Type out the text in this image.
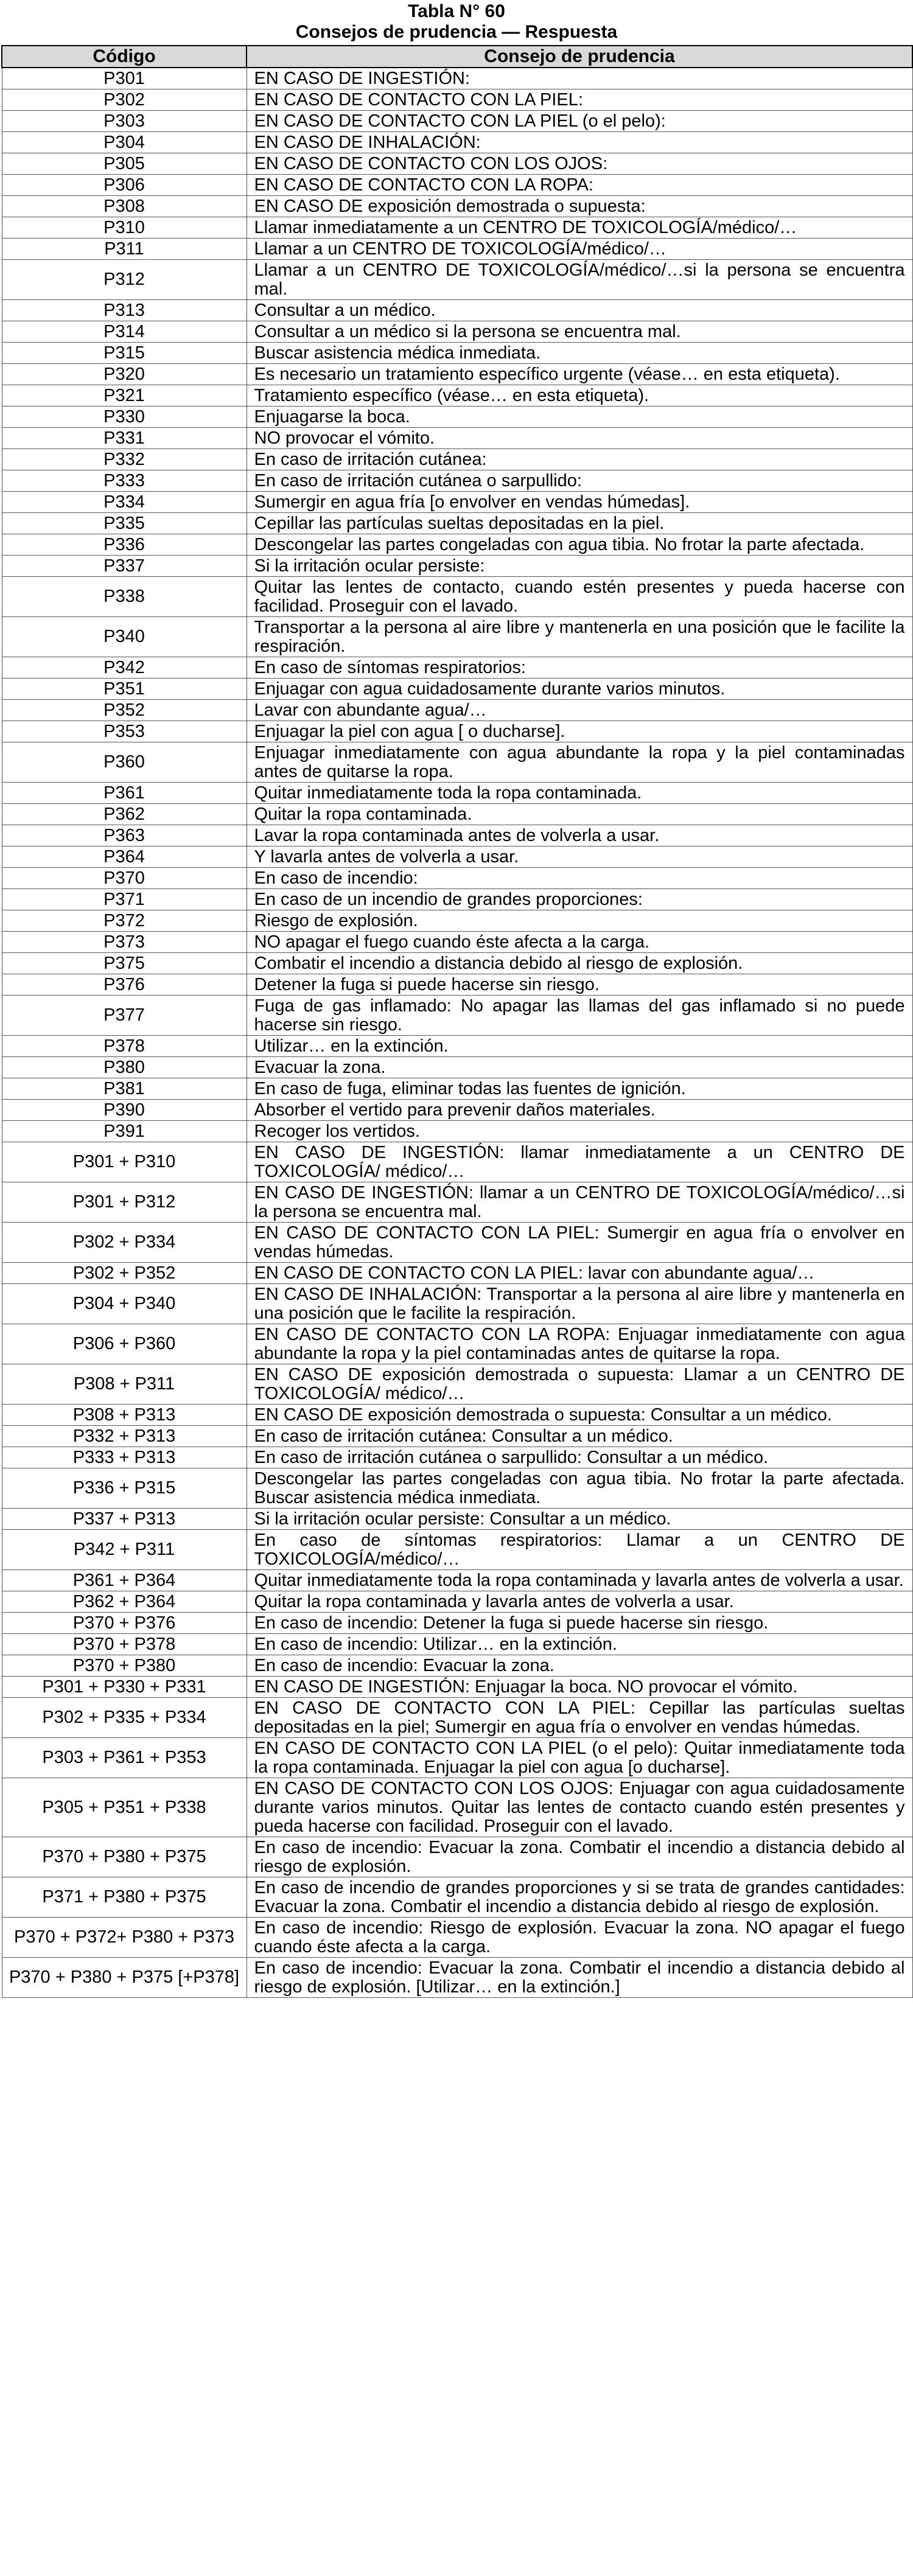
Tabla N° 60
Consejos de prudencia — Respuesta
Código	Consejo de prudencia
P301	EN CASO DE INGESTIÓN:
P302	EN CASO DE CONTACTO CON LA PIEL:
P303	EN CASO DE CONTACTO CON LA PIEL (o el pelo):
P304	EN CASO DE INHALACIÓN:
P305	EN CASO DE CONTACTO CON LOS OJOS:
P306	EN CASO DE CONTACTO CON LA ROPA:
P308	EN CASO DE exposición demostrada o supuesta:
P310	Llamar inmediatamente a un CENTRO DE TOXICOLOGÍA/médico/…
P311	Llamar a un CENTRO DE TOXICOLOGÍA/médico/…
P312	Llamar a un CENTRO DE TOXICOLOGÍA/médico/…si la persona se encuentra mal.
P313	Consultar a un médico.
P314	Consultar a un médico si la persona se encuentra mal.
P315	Buscar asistencia médica inmediata.
P320	Es necesario un tratamiento específico urgente (véase… en esta etiqueta).
P321	Tratamiento específico (véase… en esta etiqueta).
P330	Enjuagarse la boca.
P331	NO provocar el vómito.
P332	En caso de irritación cutánea:
P333	En caso de irritación cutánea o sarpullido:
P334	Sumergir en agua fría [o envolver en vendas húmedas].
P335	Cepillar las partículas sueltas depositadas en la piel.
P336	Descongelar las partes congeladas con agua tibia. No frotar la parte afectada.
P337	Si la irritación ocular persiste:
P338	Quitar las lentes de contacto, cuando estén presentes y pueda hacerse con facilidad. Proseguir con el lavado.
P340	Transportar a la persona al aire libre y mantenerla en una posición que le facilite la respiración.
P342	En caso de síntomas respiratorios:
P351	Enjuagar con agua cuidadosamente durante varios minutos.
P352	Lavar con abundante agua/…
P353	Enjuagar la piel con agua [ o ducharse].
P360	Enjuagar inmediatamente con agua abundante la ropa y la piel contaminadas antes de quitarse la ropa.
P361	Quitar inmediatamente toda la ropa contaminada.
P362	Quitar la ropa contaminada.
P363	Lavar la ropa contaminada antes de volverla a usar.
P364	Y lavarla antes de volverla a usar.
P370	En caso de incendio:
P371	En caso de un incendio de grandes proporciones:
P372	Riesgo de explosión.
P373	NO apagar el fuego cuando éste afecta a la carga.
P375	Combatir el incendio a distancia debido al riesgo de explosión.
P376	Detener la fuga si puede hacerse sin riesgo.
P377	Fuga de gas inflamado: No apagar las llamas del gas inflamado si no puede hacerse sin riesgo.
P378	Utilizar… en la extinción.
P380	Evacuar la zona.
P381	En caso de fuga, eliminar todas las fuentes de ignición.
P390	Absorber el vertido para prevenir daños materiales.
P391	Recoger los vertidos.
P301 + P310	EN CASO DE INGESTIÓN: llamar inmediatamente a un CENTRO DE TOXICOLOGÍA/ médico/…
P301 + P312	EN CASO DE INGESTIÓN: llamar a un CENTRO DE TOXICOLOGÍA/médico/…si la persona se encuentra mal.
P302 + P334	EN CASO DE CONTACTO CON LA PIEL: Sumergir en agua fría o envolver en vendas húmedas.
P302 + P352	EN CASO DE CONTACTO CON LA PIEL: lavar con abundante agua/…
P304 + P340	EN CASO DE INHALACIÓN: Transportar a la persona al aire libre y mantenerla en una posición que le facilite la respiración.
P306 + P360	EN CASO DE CONTACTO CON LA ROPA: Enjuagar inmediatamente con agua abundante la ropa y la piel contaminadas antes de quitarse la ropa.
P308 + P311	EN CASO DE exposición demostrada o supuesta: Llamar a un CENTRO DE TOXICOLOGÍA/ médico/…
P308 + P313	EN CASO DE exposición demostrada o supuesta: Consultar a un médico.
P332 + P313	En caso de irritación cutánea: Consultar a un médico.
P333 + P313	En caso de irritación cutánea o sarpullido: Consultar a un médico.
P336 + P315	Descongelar las partes congeladas con agua tibia. No frotar la parte afectada. Buscar asistencia médica inmediata.
P337 + P313	Si la irritación ocular persiste: Consultar a un médico.
P342 + P311	En caso de síntomas respiratorios: Llamar a un CENTRO DE TOXICOLOGÍA/médico/…
P361 + P364	Quitar inmediatamente toda la ropa contaminada y lavarla antes de volverla a usar.
P362 + P364	Quitar la ropa contaminada y lavarla antes de volverla a usar.
P370 + P376	En caso de incendio: Detener la fuga si puede hacerse sin riesgo.
P370 + P378	En caso de incendio: Utilizar… en la extinción.
P370 + P380	En caso de incendio: Evacuar la zona.
P301 + P330 + P331	EN CASO DE INGESTIÓN: Enjuagar la boca. NO provocar el vómito.
P302 + P335 + P334	EN CASO DE CONTACTO CON LA PIEL: Cepillar las partículas sueltas depositadas en la piel; Sumergir en agua fría o envolver en vendas húmedas.
P303 + P361 + P353	EN CASO DE CONTACTO CON LA PIEL (o el pelo): Quitar inmediatamente toda la ropa contaminada. Enjuagar la piel con agua [o ducharse].
P305 + P351 + P338	EN CASO DE CONTACTO CON LOS OJOS: Enjuagar con agua cuidadosamente durante varios minutos. Quitar las lentes de contacto cuando estén presentes y pueda hacerse con facilidad. Proseguir con el lavado.
P370 + P380 + P375	En caso de incendio: Evacuar la zona. Combatir el incendio a distancia debido al riesgo de explosión.
P371 + P380 + P375	En caso de incendio de grandes proporciones y si se trata de grandes cantidades: Evacuar la zona. Combatir el incendio a distancia debido al riesgo de explosión.
P370 + P372+ P380 + P373	En caso de incendio: Riesgo de explosión. Evacuar la zona. NO apagar el fuego cuando éste afecta a la carga.
P370 + P380 + P375 [+P378]	En caso de incendio: Evacuar la zona. Combatir el incendio a distancia debido al riesgo de explosión. [Utilizar… en la extinción.]
